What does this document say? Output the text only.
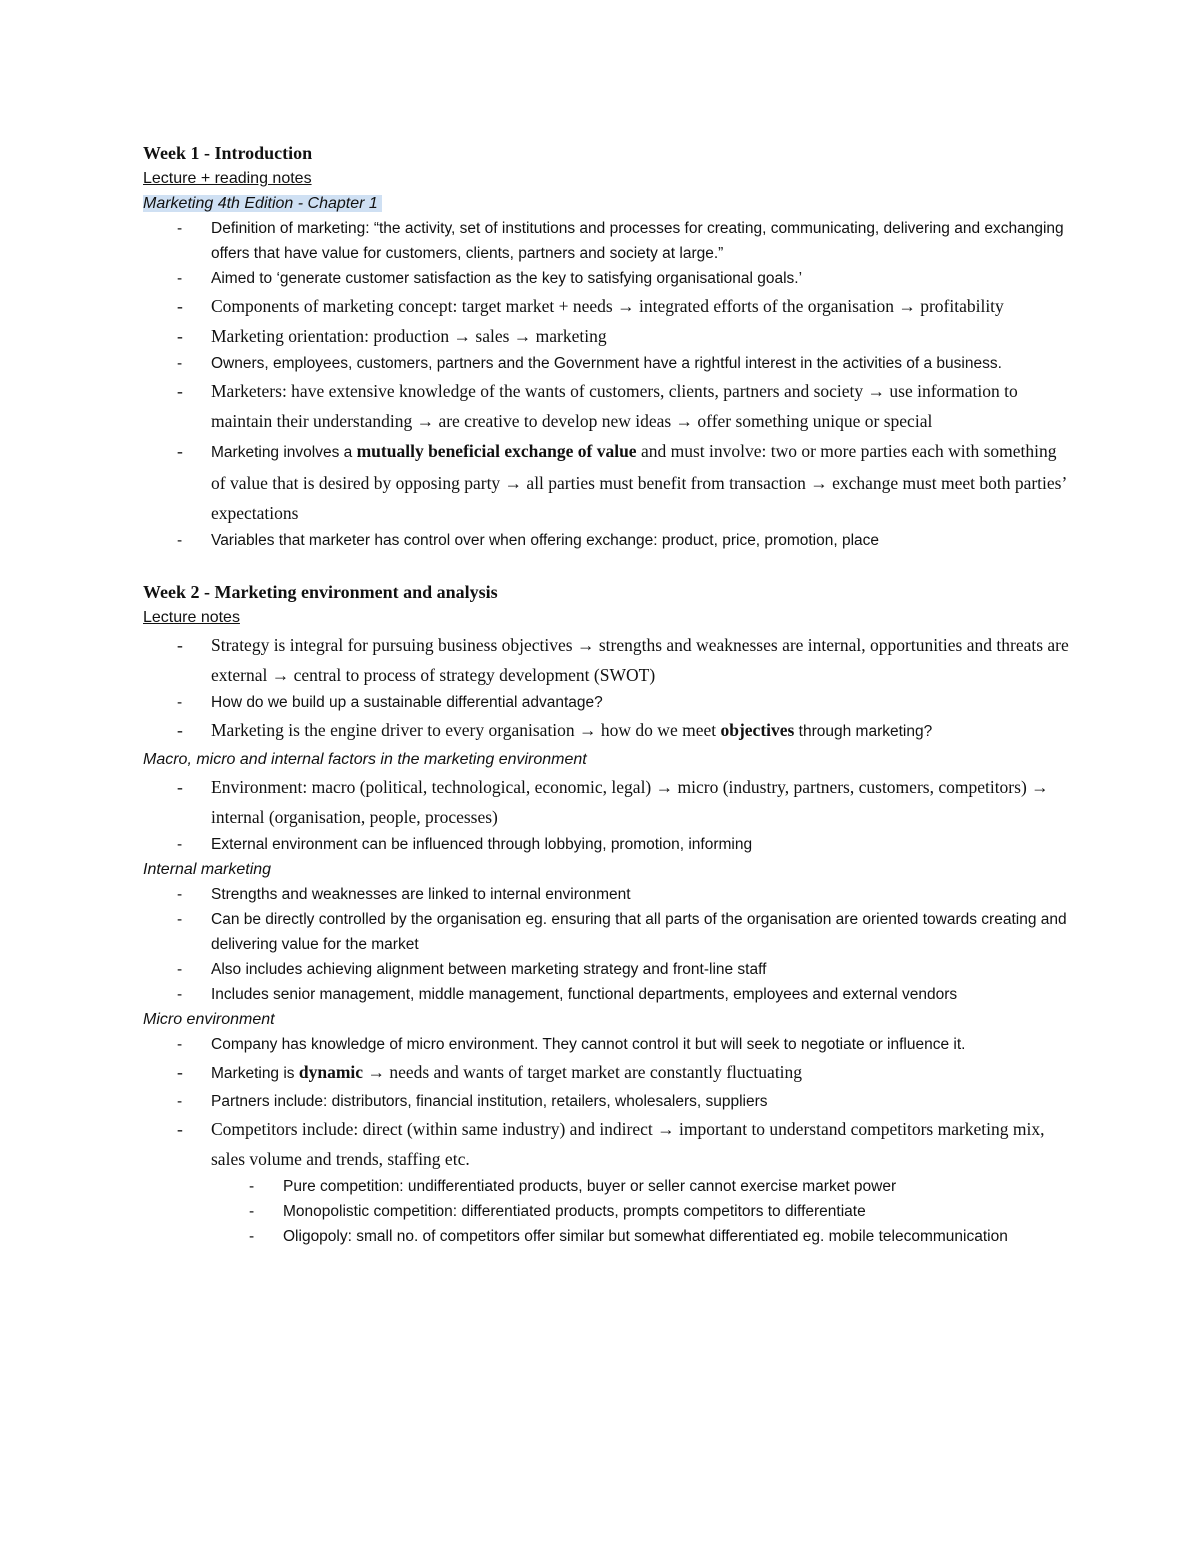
Week 1 - Introduction
Lecture + reading notes
Marketing 4th Edition - Chapter 1
- Definition of marketing: “the activity, set of institutions and processes for creating, communicating, delivering and exchanging offers that have value for customers, clients, partners and society at large.”
- Aimed to ‘generate customer satisfaction as the key to satisfying organisational goals.’
- Components of marketing concept: target market + needs → integrated efforts of the organisation → profitability
- Marketing orientation: production → sales → marketing
- Owners, employees, customers, partners and the Government have a rightful interest in the activities of a business.
- Marketers: have extensive knowledge of the wants of customers, clients, partners and society → use information to maintain their understanding → are creative to develop new ideas → offer something unique or special
- Marketing involves a mutually beneficial exchange of value and must involve: two or more parties each with something of value that is desired by opposing party → all parties must benefit from transaction → exchange must meet both parties’ expectations
- Variables that marketer has control over when offering exchange: product, price, promotion, place
Week 2 - Marketing environment and analysis
Lecture notes
- Strategy is integral for pursuing business objectives → strengths and weaknesses are internal, opportunities and threats are external → central to process of strategy development (SWOT)
- How do we build up a sustainable differential advantage?
- Marketing is the engine driver to every organisation → how do we meet objectives through marketing?
Macro, micro and internal factors in the marketing environment
- Environment: macro (political, technological, economic, legal) → micro (industry, partners, customers, competitors) → internal (organisation, people, processes)
- External environment can be influenced through lobbying, promotion, informing
Internal marketing
- Strengths and weaknesses are linked to internal environment
- Can be directly controlled by the organisation eg. ensuring that all parts of the organisation are oriented towards creating and delivering value for the market
- Also includes achieving alignment between marketing strategy and front-line staff
- Includes senior management, middle management, functional departments, employees and external vendors
Micro environment
- Company has knowledge of micro environment. They cannot control it but will seek to negotiate or influence it.
- Marketing is dynamic → needs and wants of target market are constantly fluctuating
- Partners include: distributors, financial institution, retailers, wholesalers, suppliers
- Competitors include: direct (within same industry) and indirect → important to understand competitors marketing mix, sales volume and trends, staffing etc.
- Pure competition: undifferentiated products, buyer or seller cannot exercise market power
- Monopolistic competition: differentiated products, prompts competitors to differentiate
- Oligopoly: small no. of competitors offer similar but somewhat differentiated eg. mobile telecommunication
